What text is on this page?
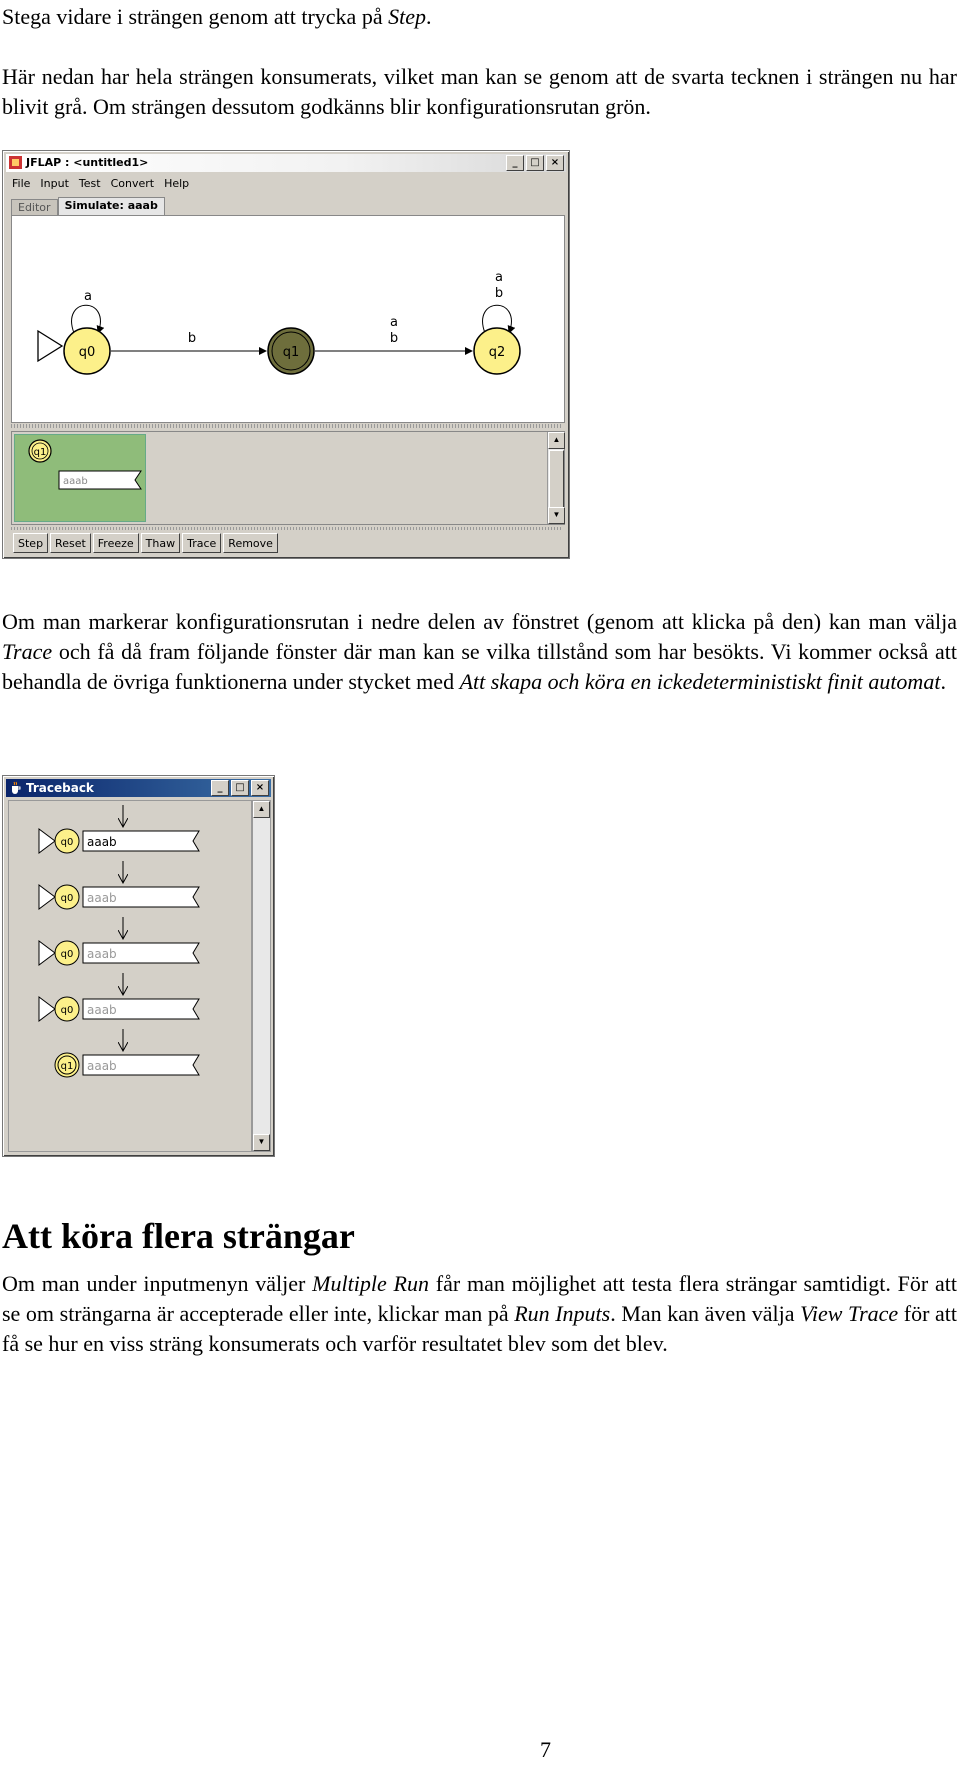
Stega vidare i strängen genom att trycka på Step.

Här nedan har hela strängen konsumerats, vilket man kan se genom att de svarta tecknen i strängen nu har blivit grå. Om strängen dessutom godkänns blir konfigurationsrutan grön.

JFLAP : <untitled1>	_ □ ×
File Input Test Convert Help
Editor Simulate: aaab
a
b
a
b
a
b
q0	q1	q2
q1
aaab
▲
▼
Step Reset Freeze Thaw Trace Remove

Om man markerar konfigurationsrutan i nedre delen av fönstret (genom att klicka på den) kan man välja Trace och få då fram följande fönster där man kan se vilka tillstånd som har besökts. Vi kommer också att behandla de övriga funktionerna under stycket med Att skapa och köra en ickedeterministiskt finit automat.

Traceback	_ □ ×
q0 aaab
q0 aaab
q0 aaab
q0 aaab
q1 aaab
▲
▼
Att köra flera strängar

Om man under inputmenyn väljer Multiple Run får man möjlighet att testa flera strängar samtidigt. För att se om strängarna är accepterade eller inte, klickar man på Run Inputs. Man kan även välja View Trace för att få se hur en viss sträng konsumerats och varför resultatet blev som det blev.

7
